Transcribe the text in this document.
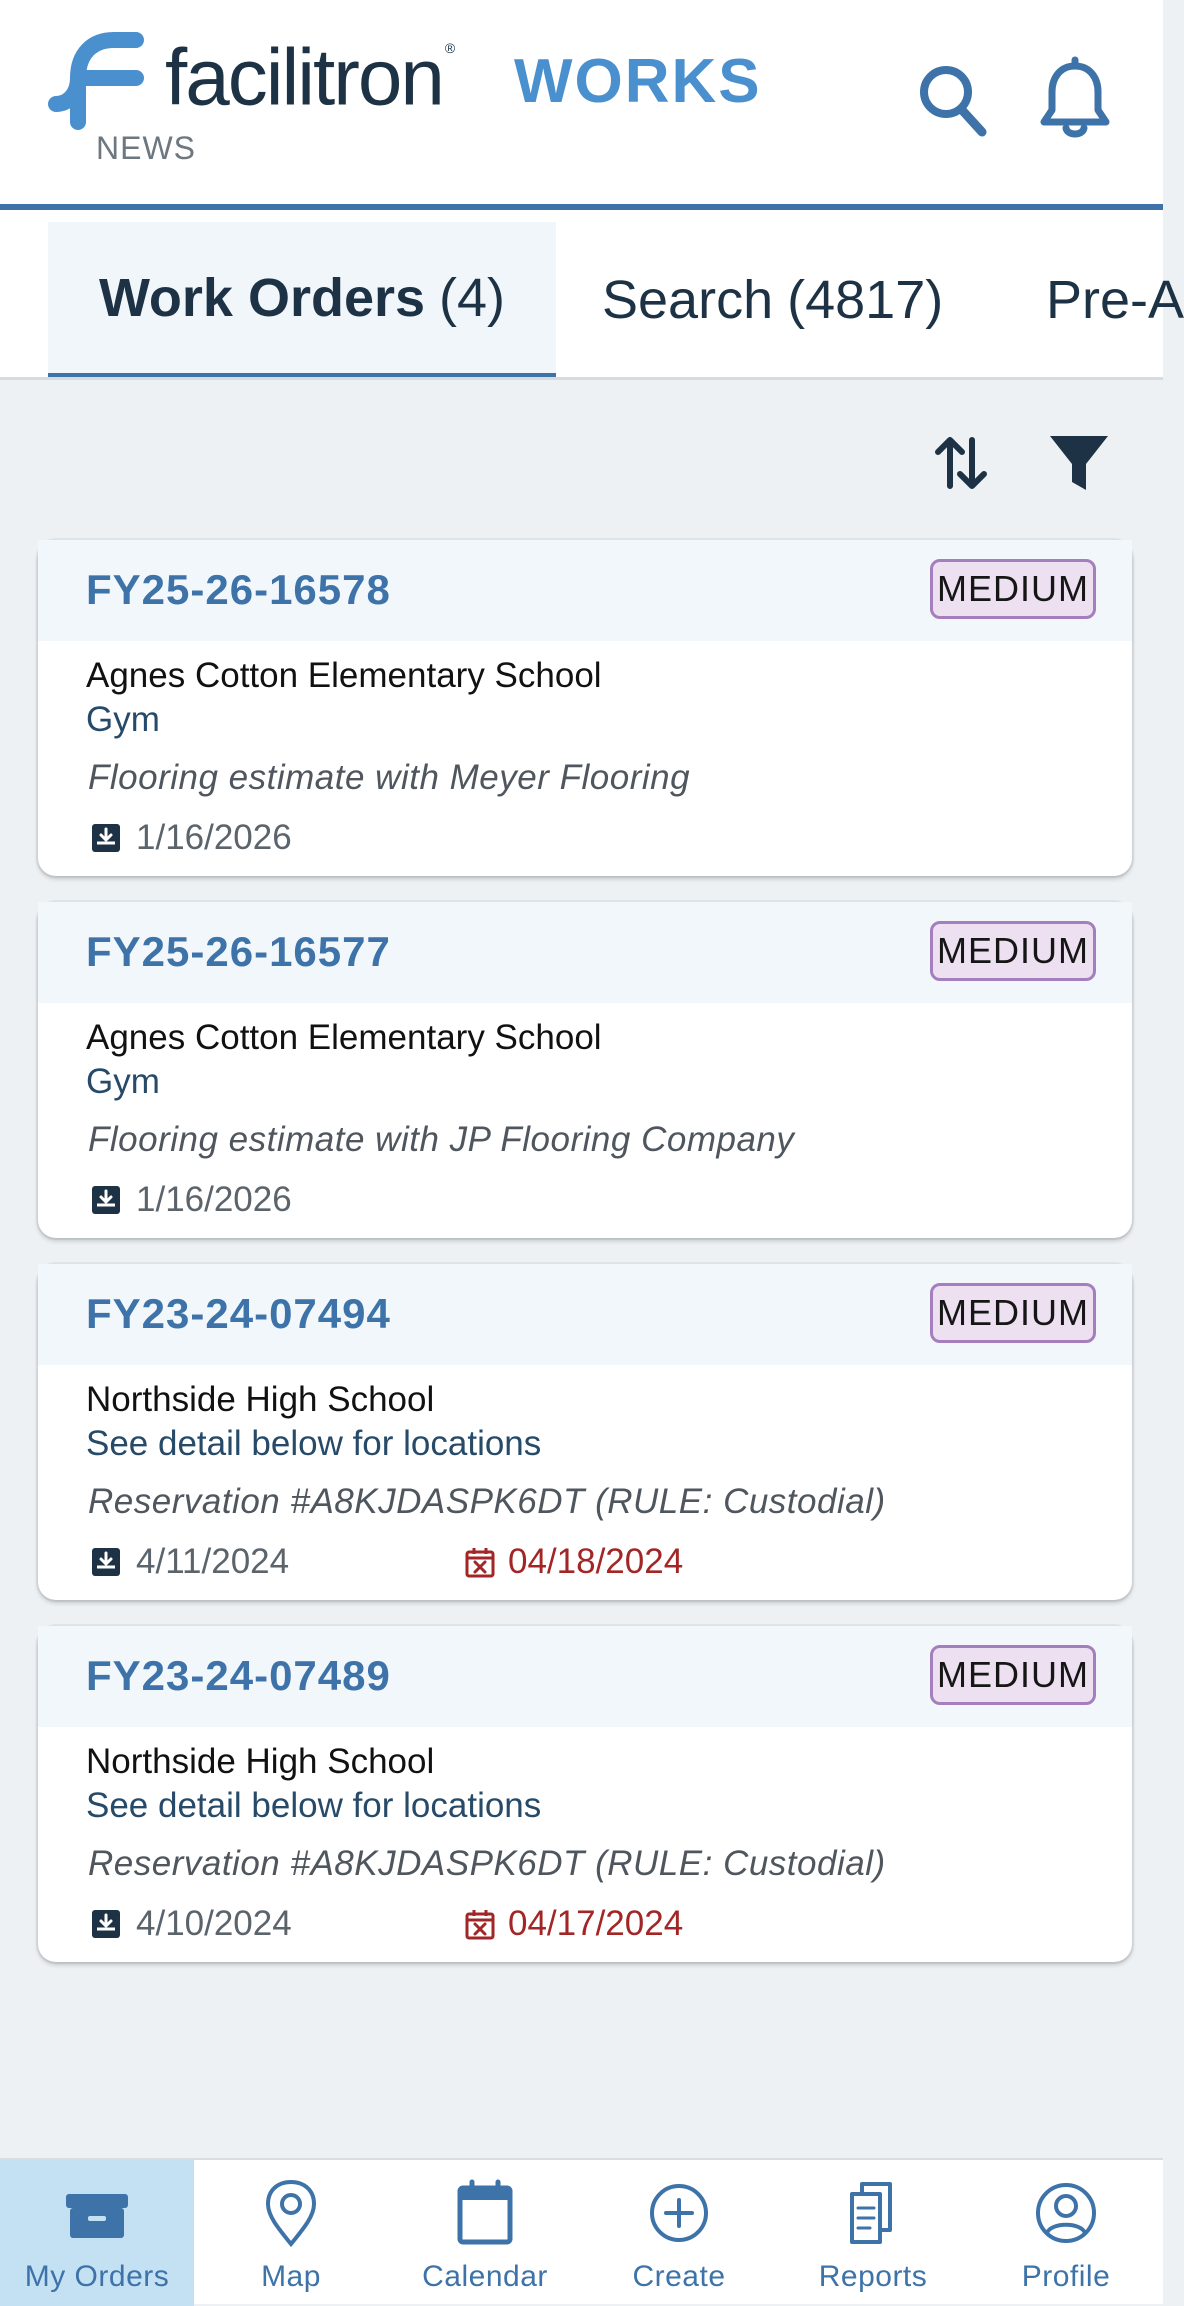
facilitron ® WORKS
NEWS
Work Orders (4) Search (4817) Pre-A
FY25-26-16578	MEDIUM
Agnes Cotton Elementary School
Gym
Flooring estimate with Meyer Flooring
1/16/2026
FY25-26-16577	MEDIUM
Agnes Cotton Elementary School
Gym
Flooring estimate with JP Flooring Company
1/16/2026
FY23-24-07494	MEDIUM
Northside High School
See detail below for locations
Reservation #A8KJDASPK6DT (RULE: Custodial)
4/11/2024	04/18/2024
FY23-24-07489	MEDIUM
Northside High School
See detail below for locations
Reservation #A8KJDASPK6DT (RULE: Custodial)
4/10/2024	04/17/2024
My Orders	Map	Calendar	Create	Reports	Profile
